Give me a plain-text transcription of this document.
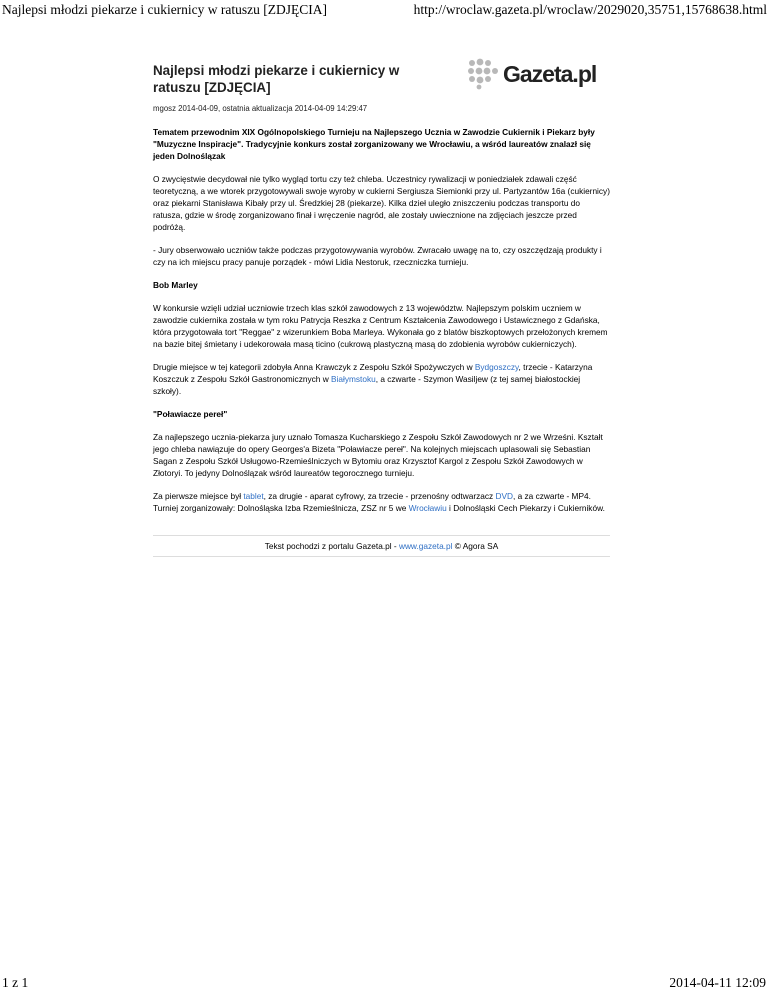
Najlepsi młodzi piekarze i cukiernicy w ratuszu [ZDJĘCIA]	http://wroclaw.gazeta.pl/wroclaw/2029020,35751,15768638.html
Gazeta.pl
Najlepsi młodzi piekarze i cukiernicy w ratuszu [ZDJĘCIA]
mgosz 2014-04-09, ostatnia aktualizacja 2014-04-09 14:29:47
Tematem przewodnim XIX Ogólnopolskiego Turnieju na Najlepszego Ucznia w Zawodzie Cukiernik i Piekarz były "Muzyczne Inspiracje". Tradycyjnie konkurs został zorganizowany we Wrocławiu, a wśród laureatów znalazł się jeden Dolnoślązak

O zwycięstwie decydował nie tylko wygląd tortu czy też chleba. Uczestnicy rywalizacji w poniedziałek zdawali część teoretyczną, a we wtorek przygotowywali swoje wyroby w cukierni Sergiusza Siemionki przy ul. Partyzantów 16a (cukiernicy) oraz piekarni Stanisława Kibały przy ul. Średzkiej 28 (piekarze). Kilka dzieł uległo zniszczeniu podczas transportu do ratusza, gdzie w środę zorganizowano finał i wręczenie nagród, ale zostały uwiecznione na zdjęciach jeszcze przed podróżą.

- Jury obserwowało uczniów także podczas przygotowywania wyrobów. Zwracało uwagę na to, czy oszczędzają produkty i czy na ich miejscu pracy panuje porządek - mówi Lidia Nestoruk, rzeczniczka turnieju.

Bob Marley

W konkursie wzięli udział uczniowie trzech klas szkół zawodowych z 13 województw. Najlepszym polskim uczniem w zawodzie cukiernika została w tym roku Patrycja Reszka z Centrum Kształcenia Zawodowego i Ustawicznego z Gdańska, która przygotowała tort "Reggae" z wizerunkiem Boba Marleya. Wykonała go z blatów biszkoptowych przełożonych kremem na bazie bitej śmietany i udekorowała masą ticino (cukrową plastyczną masą do zdobienia wyrobów cukierniczych).

Drugie miejsce w tej kategorii zdobyła Anna Krawczyk z Zespołu Szkół Spożywczych w Bydgoszczy, trzecie - Katarzyna Koszczuk z Zespołu Szkół Gastronomicznych w Białymstoku, a czwarte - Szymon Wasiljew (z tej samej białostockiej szkoły).

"Poławiacze pereł"

Za najlepszego ucznia-piekarza jury uznało Tomasza Kucharskiego z Zespołu Szkół Zawodowych nr 2 we Wrześni. Kształt jego chleba nawiązuje do opery Georges'a Bizeta "Poławiacze pereł". Na kolejnych miejscach uplasowali się Sebastian Sagan z Zespołu Szkół Usługowo-Rzemieślniczych w Bytomiu oraz Krzysztof Kargol z Zespołu Szkół Zawodowych w Złotoryi. To jedyny Dolnoślązak wśród laureatów tegorocznego turnieju.

Za pierwsze miejsce był tablet, za drugie - aparat cyfrowy, za trzecie - przenośny odtwarzacz DVD, a za czwarte - MP4. Turniej zorganizowały: Dolnośląska Izba Rzemieślnicza, ZSZ nr 5 we Wrocławiu i Dolnośląski Cech Piekarzy i Cukierników.

Tekst pochodzi z portalu Gazeta.pl - www.gazeta.pl © Agora SA
1 z 1	2014-04-11 12:09
